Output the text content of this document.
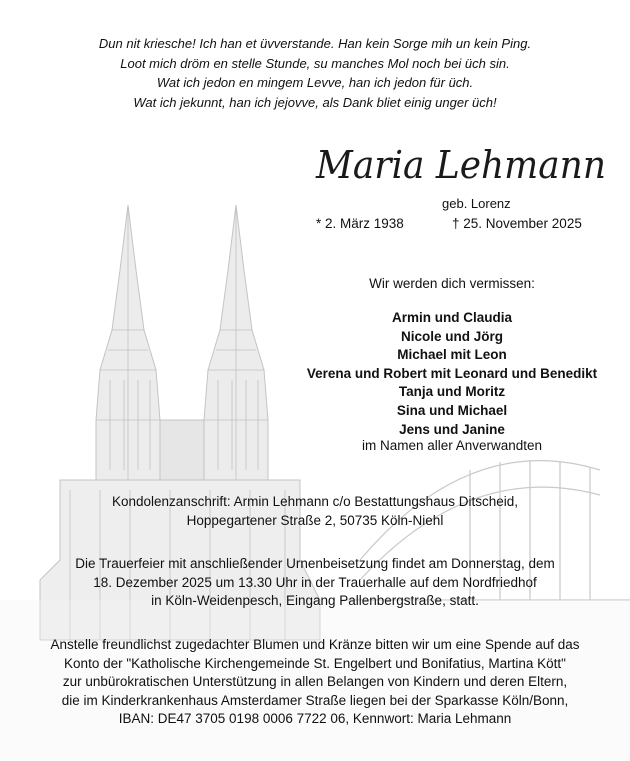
Dun nit kriesche! Ich han et üvverstande. Han kein Sorge mih un kein Ping.
Loot mich dröm en stelle Stunde, su manches Mol noch bei üch sin.
Wat ich jedon en mingem Levve, han ich jedon für üch.
Wat ich jekunnt, han ich jejovve, als Dank bliet einig unger üch!
Maria Lehmann
geb. Lorenz
* 2. März 1938	† 25. November 2025
Wir werden dich vermissen:
Armin und Claudia
Nicole und Jörg
Michael mit Leon
Verena und Robert mit Leonard und Benedikt
Tanja und Moritz
Sina und Michael
Jens und Janine
im Namen aller Anverwandten
Kondolenzanschrift: Armin Lehmann c/o Bestattungshaus Ditscheid,
Hoppegartener Straße 2, 50735 Köln-Niehl
Die Trauerfeier mit anschließender Urnenbeisetzung findet am Donnerstag, dem
18. Dezember 2025 um 13.30 Uhr in der Trauerhalle auf dem Nordfriedhof
in Köln-Weidenpesch, Eingang Pallenbergstraße, statt.
Anstelle freundlichst zugedachter Blumen und Kränze bitten wir um eine Spende auf das
Konto der "Katholische Kirchengemeinde St. Engelbert und Bonifatius, Martina Kött"
zur unbürokratischen Unterstützung in allen Belangen von Kindern und deren Eltern,
die im Kinderkrankenhaus Amsterdamer Straße liegen bei der Sparkasse Köln/Bonn,
IBAN: DE47 3705 0198 0006 7722 06, Kennwort: Maria Lehmann
